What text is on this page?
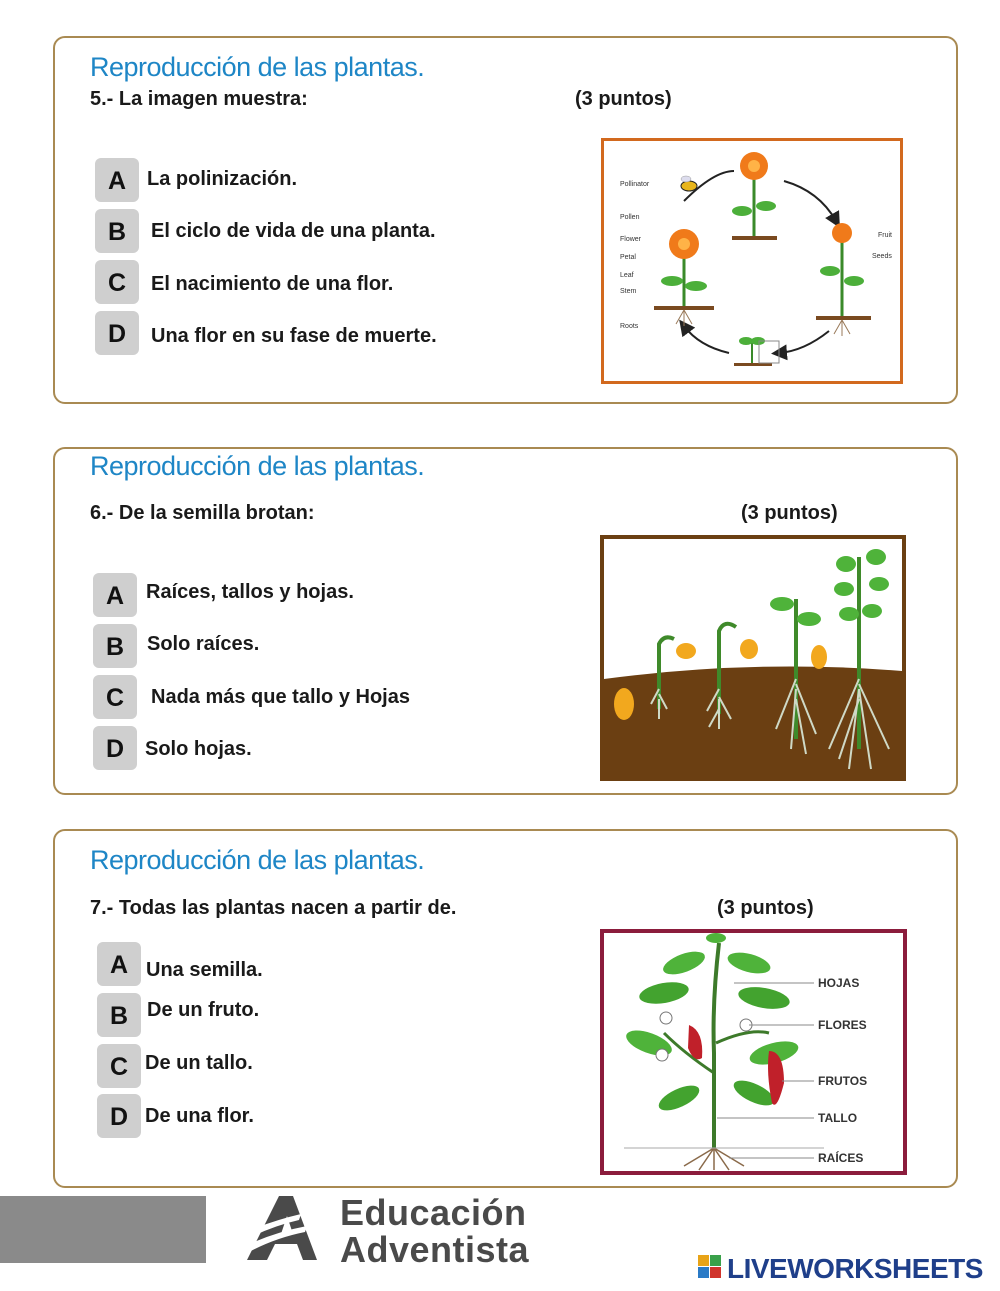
Reproducción de las plantas.
5.- La imagen muestra:	(3 puntos)
A	La polinización.
B	El ciclo de vida de una planta.
C	El nacimiento de una flor.
D	Una flor en su fase de muerte.
Pollinator
Pollen
Flower
Petal
Leaf
Stem
Roots
Fruit
Seeds
Reproducción de las plantas.
6.- De la semilla brotan:	(3 puntos)
A	Raíces, tallos y hojas.
B	Solo raíces.
C	Nada más que tallo y Hojas
D	Solo hojas.
Reproducción de las plantas.
7.- Todas las plantas nacen a partir de.	(3 puntos)
A Una semilla.
B De un fruto.
C De un tallo.
D De una flor.
HOJAS
FLORES
FRUTOS
TALLO
RAÍCES
Educación
Adventista	LIVEWORKSHEETS
